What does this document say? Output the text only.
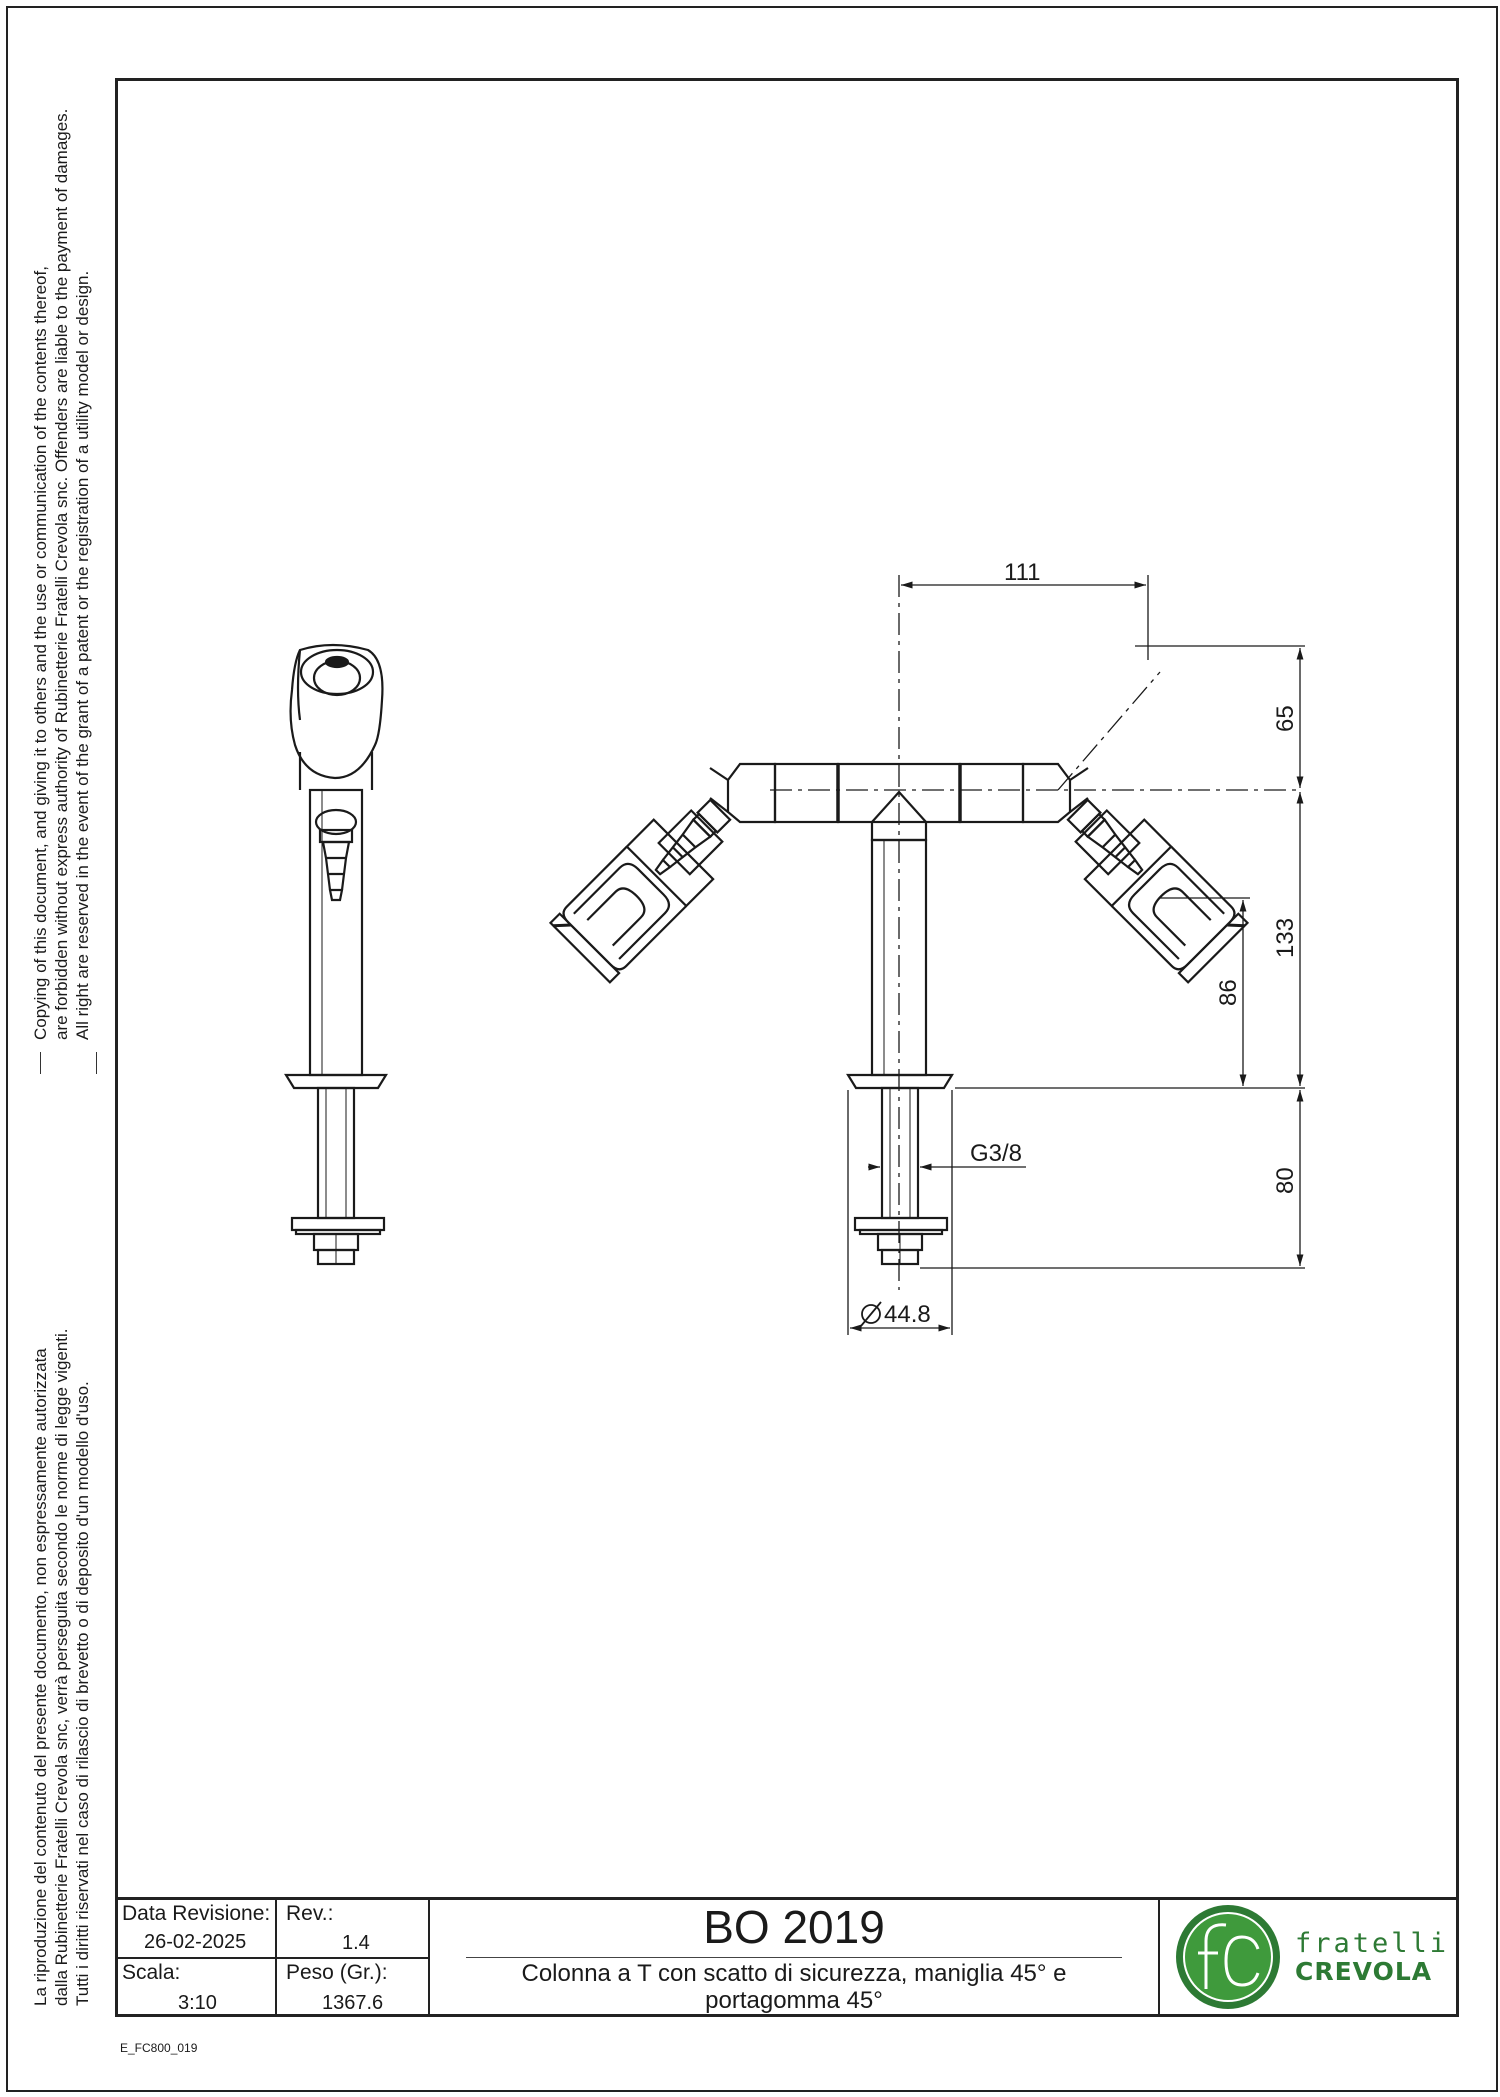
Copying of this document, and giving it to others and the use or communication of the contents thereof, are forbidden without express authority of Rubinetterie Fratelli Crevola snc. Offenders are liable to the payment of damages. All right are reserved in the event of the grant of a patent or the registration of a utility model or design.
La riproduzione del contenuto del presente documento, non espressamente autorizzata dalla Rubinetterie Fratelli Crevola snc, verrà perseguita secondo le norme di legge vigenti. Tutti i diritti riservati nel caso di rilascio di brevetto o di deposito d'un modello d'uso.
111
65
133
86
80
G3/8
44.8
Data Revisione:
26-02-2025
Rev.:
1.4
Scala:
3:10
Peso (Gr.):
1367.6
BO 2019
Colonna a T con scatto di sicurezza, maniglia 45° e
portagomma 45°
fratelli
CREVOLA
E_FC800_019
